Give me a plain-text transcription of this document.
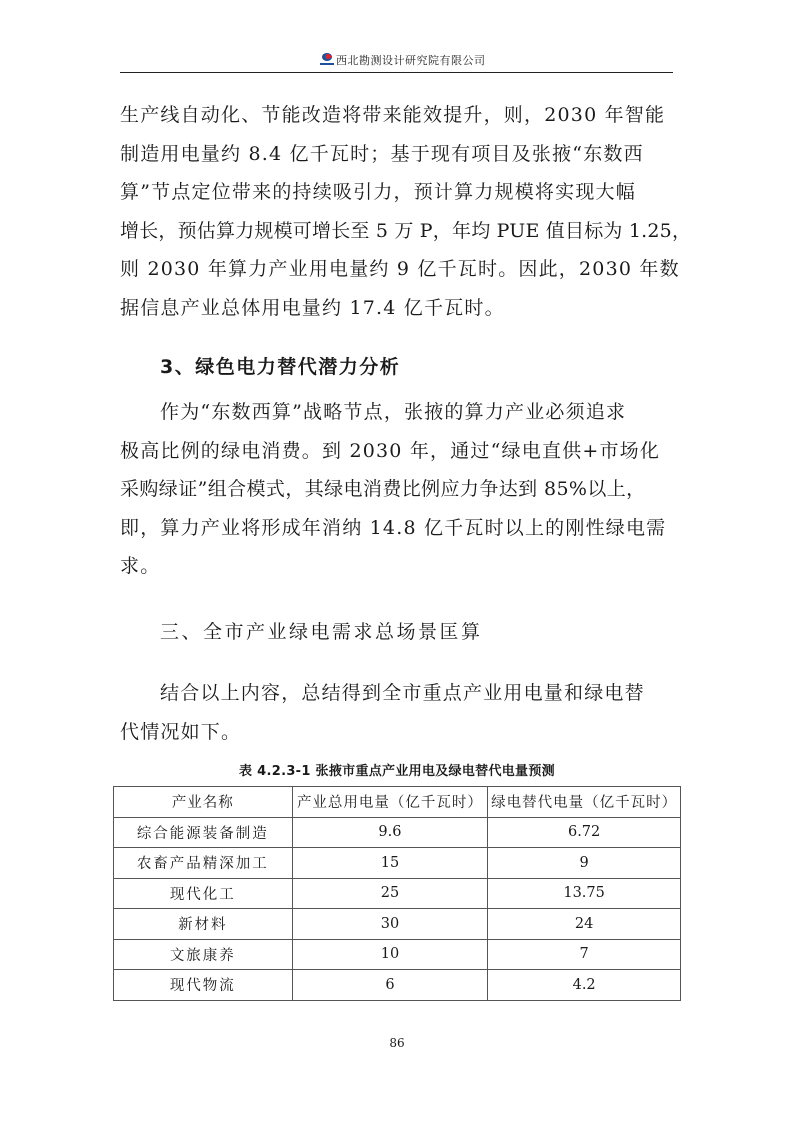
西北勘测设计研究院有限公司
生产线自动化、节能改造将带来能效提升，则，2030 年智能
制造用电量约 8.4 亿千瓦时；基于现有项目及张掖“东数西
算”节点定位带来的持续吸引力，预计算力规模将实现大幅
增长，预估算力规模可增长至 5 万 P，年均 PUE 值目标为 1.25，
则 2030 年算力产业用电量约 9 亿千瓦时。因此，2030 年数
据信息产业总体用电量约 17.4 亿千瓦时。
3、绿色电力替代潜力分析
作为“东数西算”战略节点，张掖的算力产业必须追求
极高比例的绿电消费。到 2030 年，通过“绿电直供+市场化
采购绿证”组合模式，其绿电消费比例应力争达到 85%以上，
即，算力产业将形成年消纳 14.8 亿千瓦时以上的刚性绿电需
求。
三、全市产业绿电需求总场景匡算
结合以上内容，总结得到全市重点产业用电量和绿电替
代情况如下。
表 4.2.3-1 张掖市重点产业用电及绿电替代电量预测
产业名称	产业总用电量（亿千瓦时）	绿电替代电量（亿千瓦时）
综合能源装备制造	9.6	6.72
农畜产品精深加工	15	9
现代化工	25	13.75
新材料	30	24
文旅康养	10	7
现代物流	6	4.2
86
